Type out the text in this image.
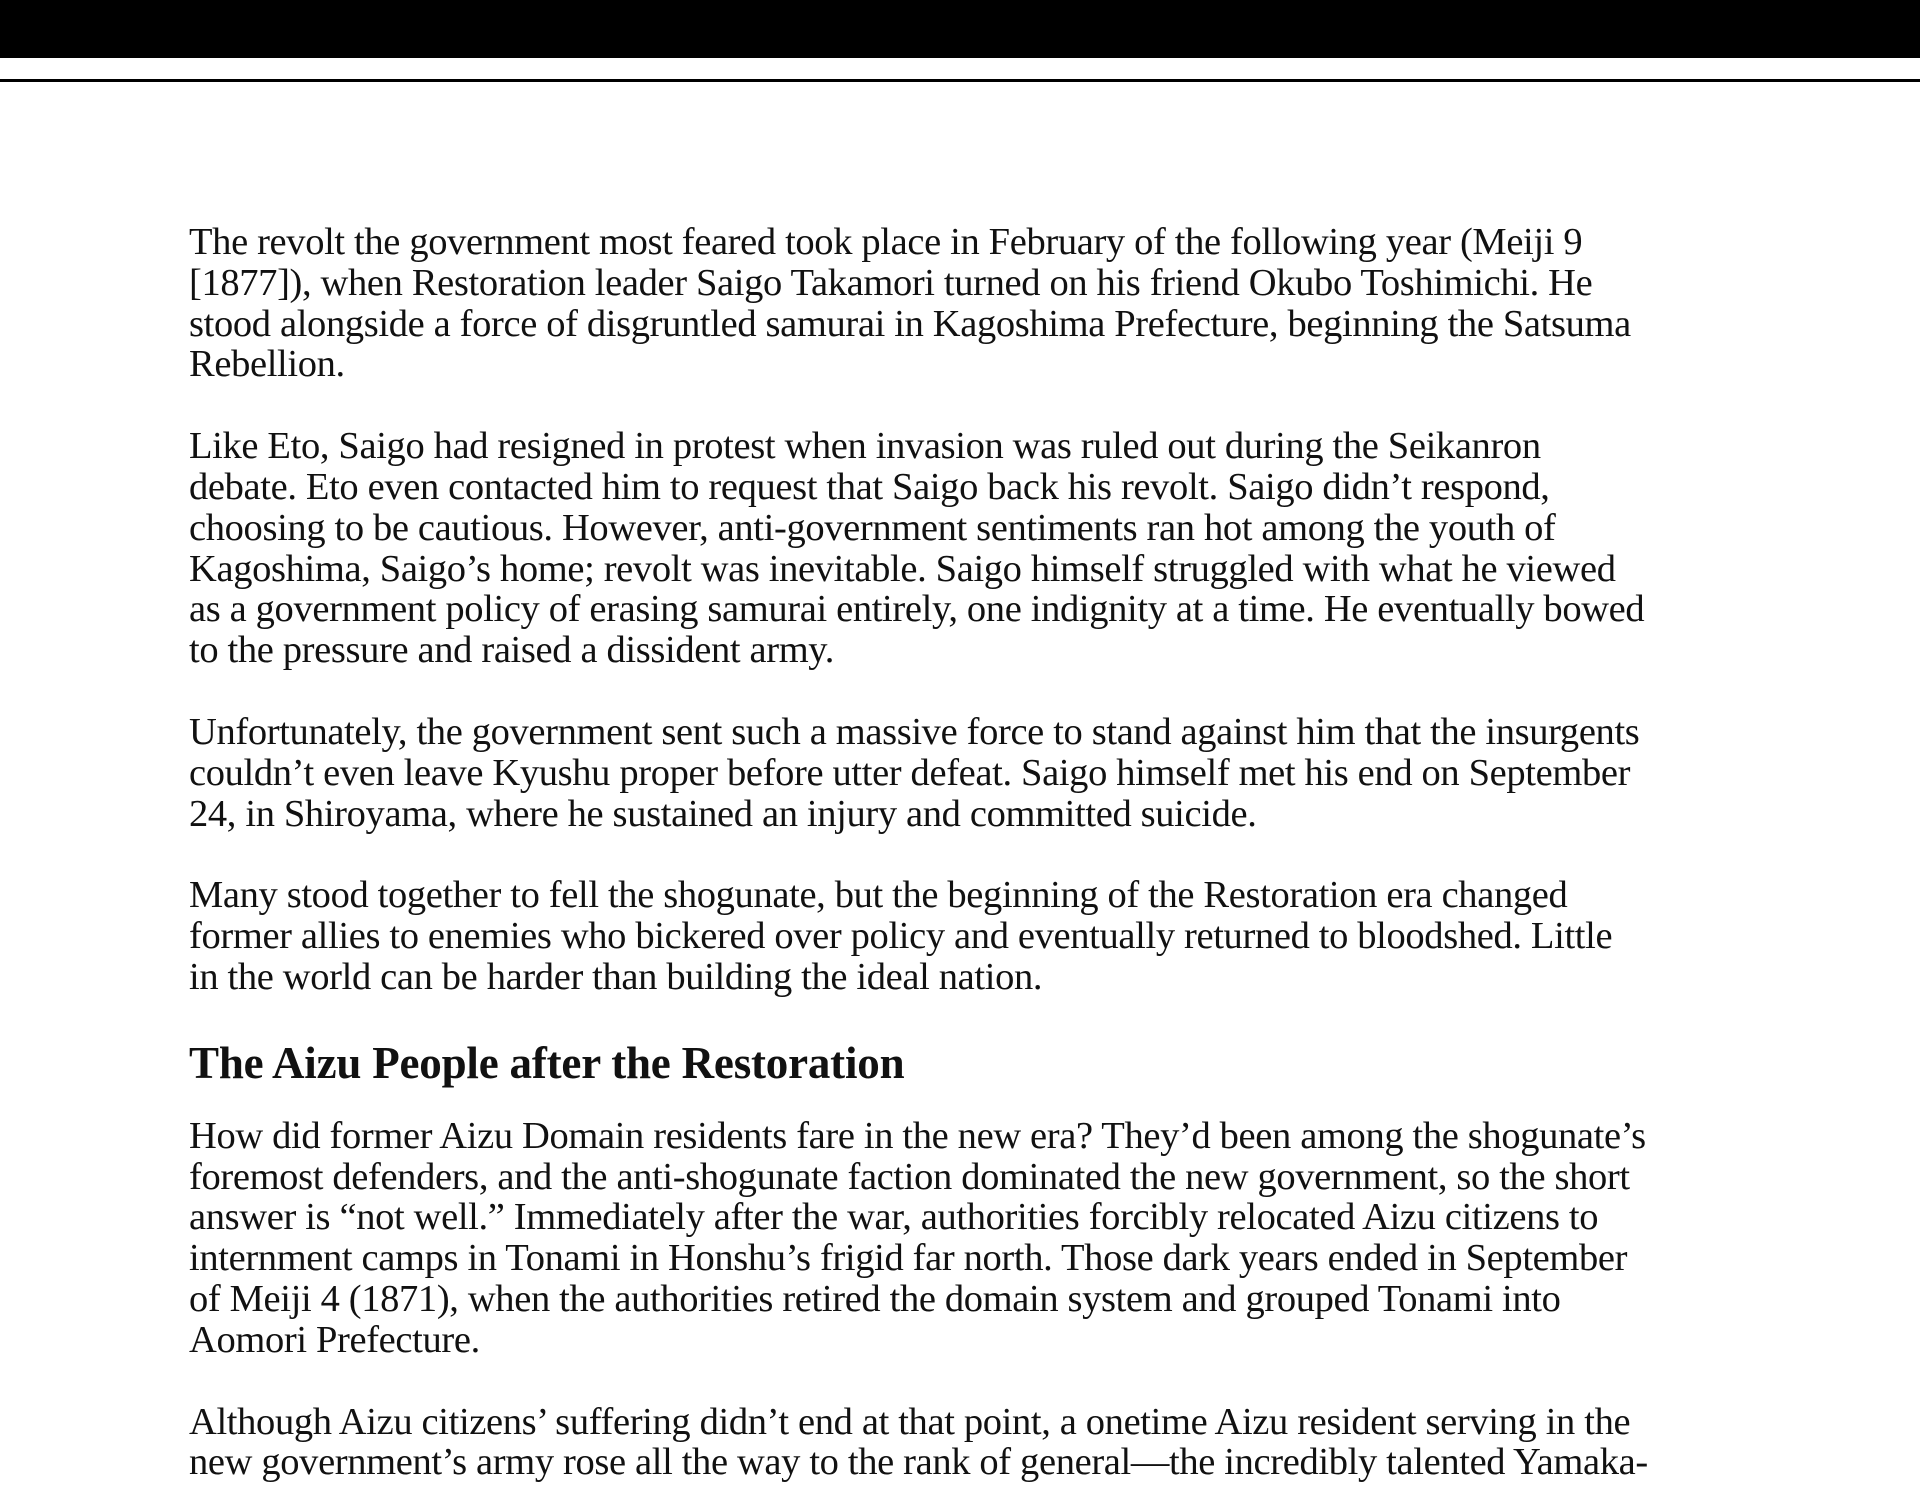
The revolt the government most feared took place in February of the following year (Meiji 9
[1877]), when Restoration leader Saigo Takamori turned on his friend Okubo Toshimichi. He
stood alongside a force of disgruntled samurai in Kagoshima Prefecture, beginning the Satsuma
Rebellion.

Like Eto, Saigo had resigned in protest when invasion was ruled out during the Seikanron
debate. Eto even contacted him to request that Saigo back his revolt. Saigo didn’t respond,
choosing to be cautious. However, anti-government sentiments ran hot among the youth of
Kagoshima, Saigo’s home; revolt was inevitable. Saigo himself struggled with what he viewed
as a government policy of erasing samurai entirely, one indignity at a time. He eventually bowed
to the pressure and raised a dissident army.

Unfortunately, the government sent such a massive force to stand against him that the insurgents
couldn’t even leave Kyushu proper before utter defeat. Saigo himself met his end on September
24, in Shiroyama, where he sustained an injury and committed suicide.

Many stood together to fell the shogunate, but the beginning of the Restoration era changed
former allies to enemies who bickered over policy and eventually returned to bloodshed. Little
in the world can be harder than building the ideal nation.

The Aizu People after the Restoration

How did former Aizu Domain residents fare in the new era? They’d been among the shogunate’s
foremost defenders, and the anti-shogunate faction dominated the new government, so the short
answer is “not well.” Immediately after the war, authorities forcibly relocated Aizu citizens to
internment camps in Tonami in Honshu’s frigid far north. Those dark years ended in September
of Meiji 4 (1871), when the authorities retired the domain system and grouped Tonami into
Aomori Prefecture.

Although Aizu citizens’ suffering didn’t end at that point, a onetime Aizu resident serving in the
new government’s army rose all the way to the rank of general—the incredibly talented Yamaka-
